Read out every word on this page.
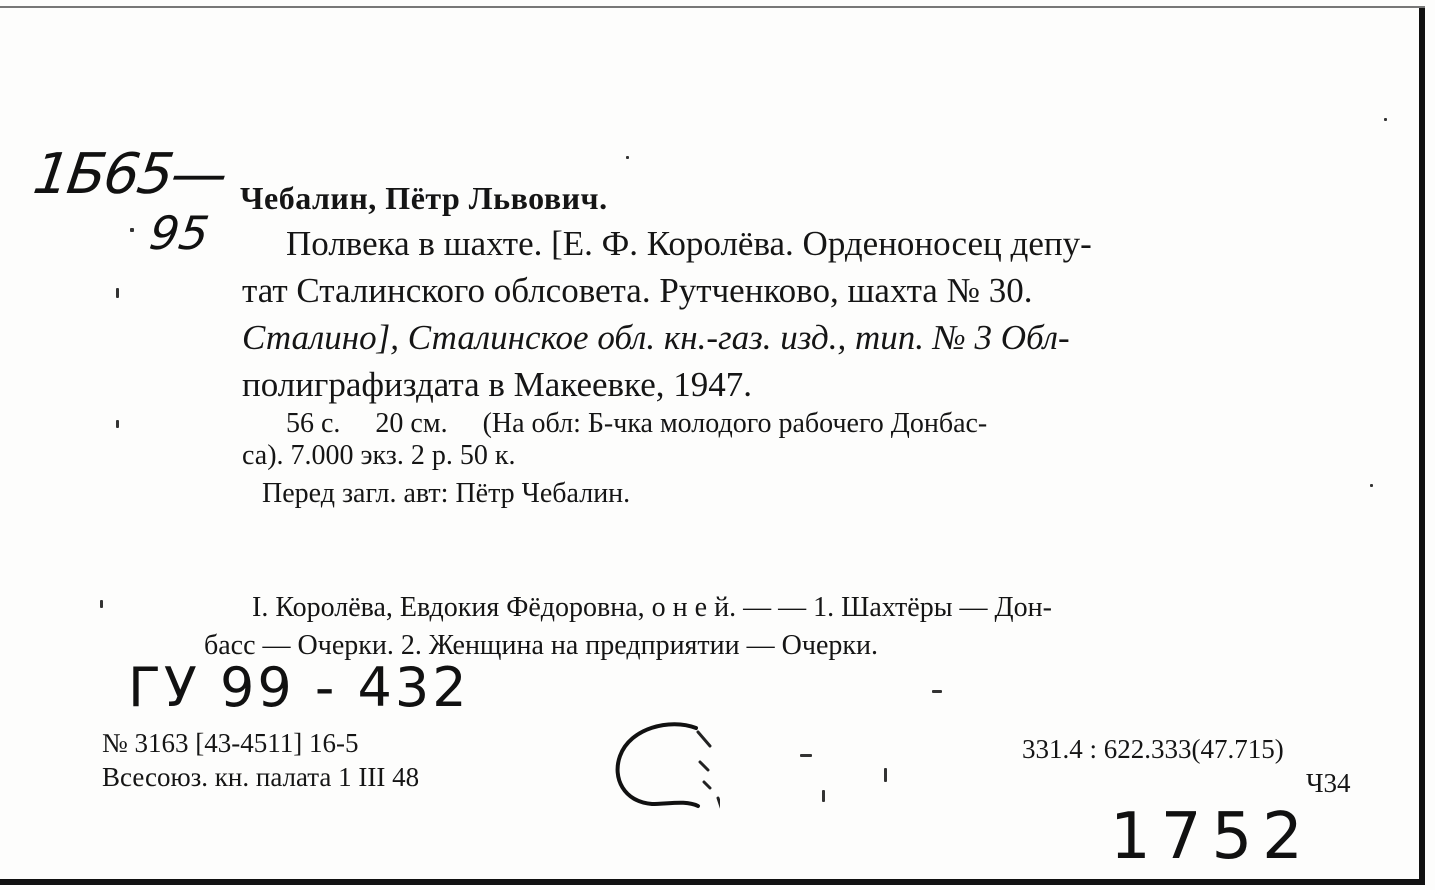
1Б65—
95
Чебалин, Пётр Львович.
Полвека в шахте. [Е. Ф. Королёва. Орденоносец депу-
тат Сталинского облсовета. Рутченково, шахта № 30.
Сталино], Сталинское обл. кн.-газ. изд., тип. № 3 Обл-
полиграфиздата в Макеевке, 1947.
56 с.     20 см.     (На обл: Б-чка молодого рабочего Донбас-
са). 7.000 экз. 2 р. 50 к.
Перед загл. авт: Пётр Чебалин.
I. Королёва, Евдокия Фёдоровна, о н е й. — — 1. Шахтёры — Дон-
басс — Очерки. 2. Женщина на предприятии — Очерки.
ГУ 99 - 432
№ 3163 [43-4511] 16-5
Всесоюз. кн. палата 1 III 48
331.4 : 622.333(47.715)
Ч34
1752
